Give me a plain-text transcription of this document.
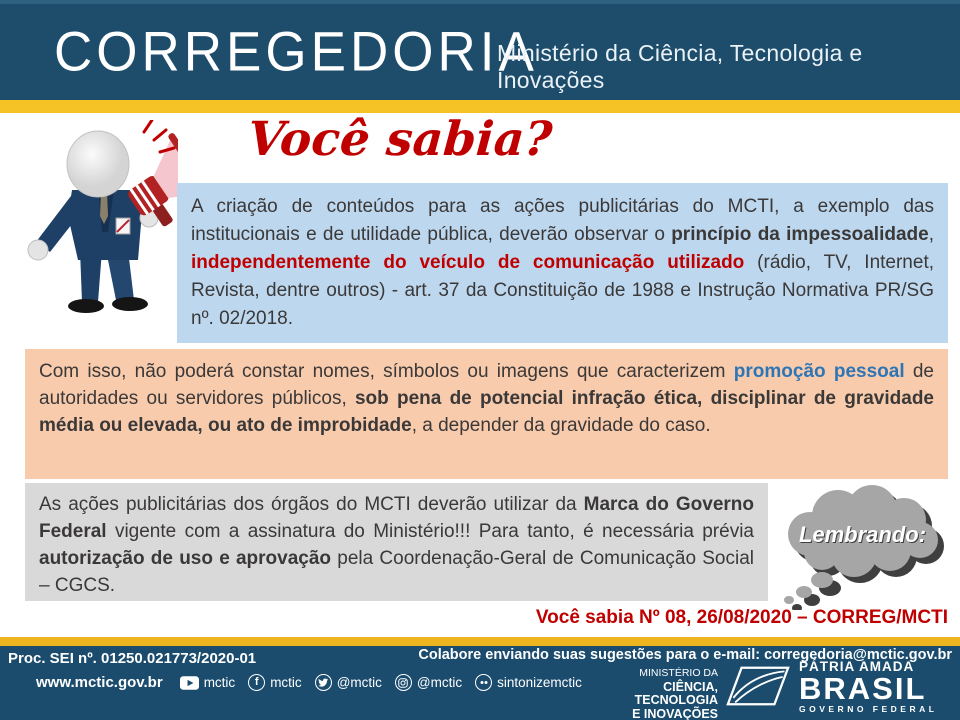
CORREGEDORIA
Ministério da Ciência, Tecnologia e Inovações
Você sabia?

A criação de conteúdos para as ações publicitárias do MCTI, a exemplo das institucionais e de utilidade pública, deverão observar o princípio da impessoalidade, independentemente do veículo de comunicação utilizado (rádio, TV, Internet, Revista, dentre outros) - art. 37 da Constituição de 1988 e Instrução Normativa PR/SG nº. 02/2018.

Com isso, não poderá constar nomes, símbolos ou imagens que caracterizem promoção pessoal de autoridades ou servidores públicos, sob pena de potencial infração ética, disciplinar de gravidade média ou elevada, ou ato de improbidade, a depender da gravidade do caso.

As ações publicitárias dos órgãos do MCTI deverão utilizar da Marca do Governo Federal vigente com a assinatura do Ministério!!! Para tanto, é necessária prévia autorização de uso e aprovação pela Coordenação-Geral de Comunicação Social – CGCS.

Lembrando:
Você sabia Nº 08, 26/08/2020 – CORREG/MCTI
Proc. SEI nº. 01250.021773/2020-01	Colabore enviando suas sugestões para o e-mail: corregedoria@mctic.gov.br
www.mctic.gov.br	mctic	f mctic	@mctic	@mctic	sintonizemctic
MINISTÉRIO DA
CIÊNCIA, TECNOLOGIA
E INOVAÇÕES
PÁTRIA AMADA
BRASIL
GOVERNO FEDERAL
